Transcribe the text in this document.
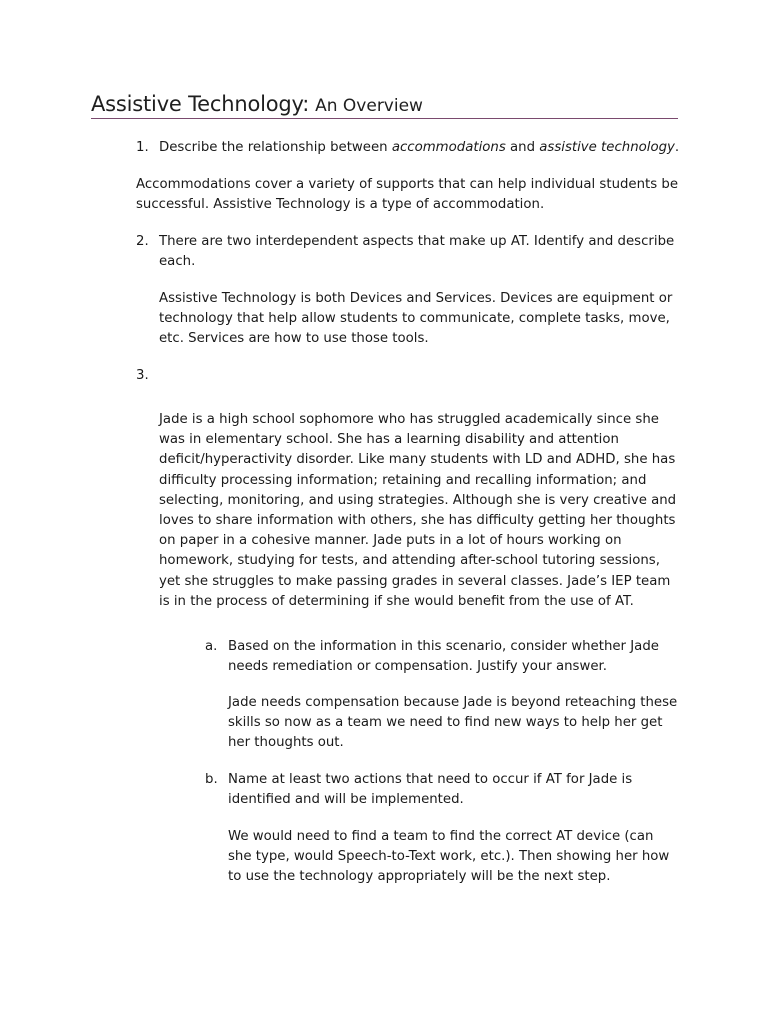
Assistive Technology: An Overview
1. Describe the relationship between accommodations and assistive technology.
Accommodations cover a variety of supports that can help individual students be successful. Assistive Technology is a type of accommodation.
2. There are two interdependent aspects that make up AT. Identify and describe each.
Assistive Technology is both Devices and Services. Devices are equipment or technology that help allow students to communicate, complete tasks, move, etc. Services are how to use those tools.
3.
Jade is a high school sophomore who has struggled academically since she was in elementary school. She has a learning disability and attention deficit/hyperactivity disorder. Like many students with LD and ADHD, she has difficulty processing information; retaining and recalling information; and selecting, monitoring, and using strategies. Although she is very creative and loves to share information with others, she has difficulty getting her thoughts on paper in a cohesive manner. Jade puts in a lot of hours working on homework, studying for tests, and attending after-school tutoring sessions, yet she struggles to make passing grades in several classes. Jade’s IEP team is in the process of determining if she would benefit from the use of AT.
a. Based on the information in this scenario, consider whether Jade needs remediation or compensation. Justify your answer.
Jade needs compensation because Jade is beyond reteaching these skills so now as a team we need to find new ways to help her get her thoughts out.
b. Name at least two actions that need to occur if AT for Jade is identified and will be implemented.
We would need to find a team to find the correct AT device (can she type, would Speech-to-Text work, etc.). Then showing her how to use the technology appropriately will be the next step.
